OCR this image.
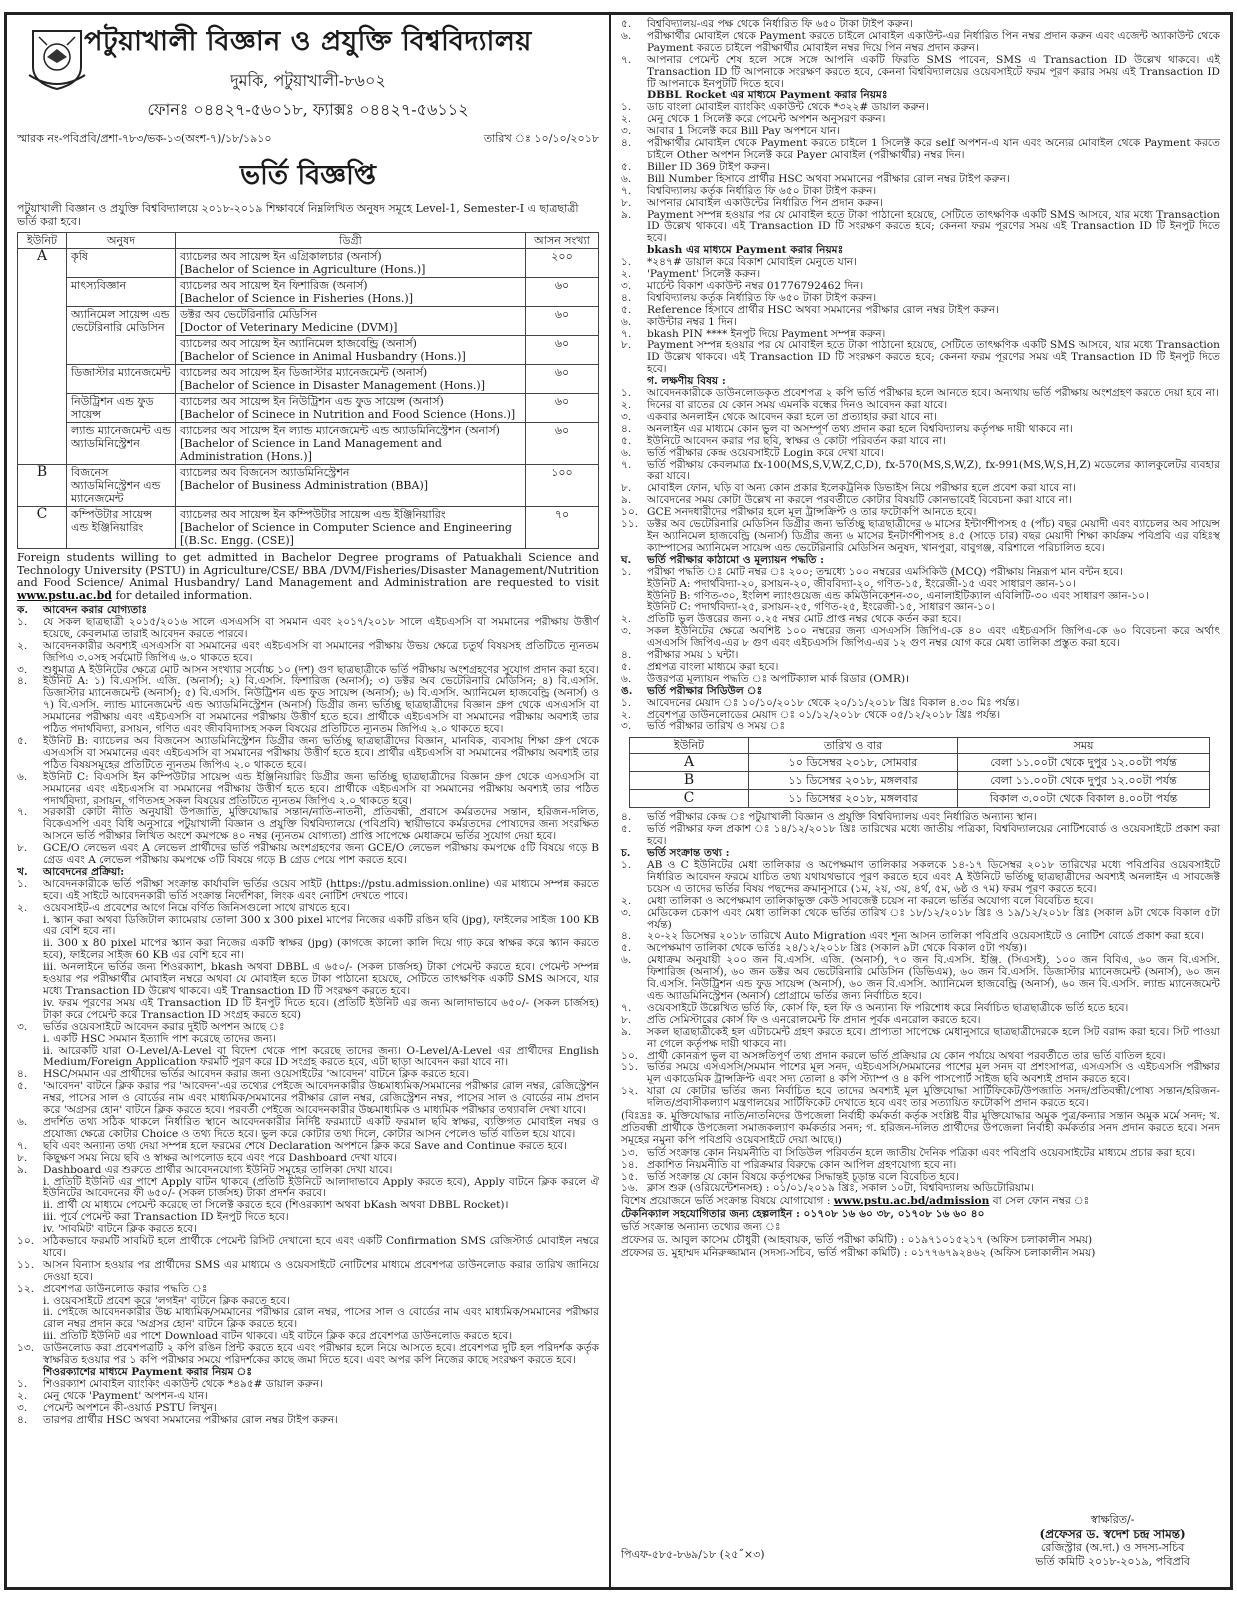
পটুয়াখালী বিজ্ঞান ও প্রযুক্তি বিশ্ববিদ্যালয়
দুমকি, পটুয়াখালী-৮৬০২
ফোনঃ ০৪৪২৭-৫৬০১৮, ফ্যাক্সঃ ০৪৪২৭-৫৬১১২
স্মারক নং-পবিপ্রবি/প্রশা-৭৮৩/ভক-১৩(অংশ-৭)/১৮/১৯১০	তারিখ ঃ ১০/১০/২০১৮
ভর্তি বিজ্ঞপ্তি

পটুয়াখালী বিজ্ঞান ও প্রযুক্তি বিশ্ববিদ্যালয়ে ২০১৮-২০১৯ শিক্ষাবর্ষে নিম্নলিখিত অনুষদ সমূহে Level-1, Semester-I এ ছাত্রছাত্রী ভর্তি করা হবে।

ইউনিট	অনুষদ	ডিগ্রী	আসন সংখ্যা
A	কৃষি	ব্যাচেলর অব সায়েন্স ইন এগ্রিকালচার (অনার্স)
[Bachelor of Science in Agriculture (Hons.)]	২০০
	মাৎস্যবিজ্ঞান	ব্যাচেলর অব সায়েন্স ইন ফিশারিজ (অনার্স)
[Bachelor of Science in Fisheries (Hons.)]	৬০
	অ্যানিমেল সায়েন্স এন্ড ভেটেরিনারি মেডিসিন	ডক্টর অব ভেটেরিনারি মেডিসিন
[Doctor of Veterinary Medicine (DVM)]	৬০

		ব্যাচেলর অব সায়েন্স ইন অ্যানিমেল হাজবেন্ড্রি (অনার্স)
[Bachelor of Science in Animal Husbandry (Hons.)]	৬০
	ডিজাস্টার ম্যানেজমেন্ট	ব্যাচেলর অব সায়েন্স ইন ডিজাস্টার ম্যানেজমেন্ট (অনার্স)
[Bachelor of Science in Disaster Management (Hons.)]	৬০
	নিউট্রিশন এন্ড ফুড সায়েন্স	ব্যাচেলর অব সায়েন্স ইন নিউট্রিশন এন্ড ফুড সায়েন্স (অনার্স)
[Bachelor of Scinece in Nutrition and Food Science (Hons.)]	৬০
	ল্যান্ড ম্যানেজমেন্ট এন্ড অ্যাডমিনিস্ট্রেশন	ব্যাচেলর অব সায়েন্স ইন ল্যান্ড ম্যানেজমেন্ট এন্ড অ্যাডমিনিস্ট্রেশন (অনার্স)
[Bachelor of Science in Land Management and Administration (Hons.)]	৬০
B	বিজনেস অ্যাডমিনিস্ট্রেশন এন্ড ম্যানেজমেন্ট	ব্যাচেলর অব বিজনেস অ্যাডমিনিস্ট্রেশন
[Bachelor of Business Administration (BBA)]	১০০
C	কম্পিউটার সায়েন্স এন্ড ইঞ্জিনিয়ারিং	ব্যাচেলর অব সায়েন্স ইন কম্পিউটার সায়েন্স এন্ড ইঞ্জিনিয়ারিং
[Bachelor of Science in Computer Science and Engineering [(B.Sc. Engg. (CSE)]	৭০

Foreign students willing to get admitted in Bachelor Degree programs of Patuakhali Science and Technology University (PSTU) in Agriculture/CSE/ BBA /DVM/Fisheries/Disaster Management/Nutrition and Food Science/ Animal Husbandry/ Land Management and Administration are requested to visit www.pstu.ac.bd for detailed information.

ক.	আবেদন করার যোগ্যতাঃ
১.	যে সকল ছাত্রছাত্রী ২০১৫/২০১৬ সালে এসএসসি বা সমমান এবং ২০১৭/২০১৮ সালে এইচএসসি বা সমমানের পরীক্ষায় উত্তীর্ণ হয়েছে, কেবলমাত্র তারাই আবেদন করতে পারবে।
২.	আবেদনকারীর অবশ্যই এসএসসি বা সমমানের এবং এইচএসসি বা সমমানের পরীক্ষায় উভয় ক্ষেত্রে চতুর্থ বিষয়সহ প্রতিটিতে ন্যূনতম জিপিএ ৩.০সহ সর্বমোট জিপিএ ৬.০ থাকতে হবে।
৩.	শুধুমাত্র A ইউনিটের ক্ষেত্রে মোট আসন সংখ্যার সর্বোচ্চ ১০ (দশ) গুণ ছাত্রছাত্রীকে ভর্তি পরীক্ষায় অংশগ্রহণের সুযোগ প্রদান করা হবে।
৪.	ইউনিট A: ১) বি.এসসি. এজি. (অনার্স); ২) বি.এসসি. ফিশারিজ (অনার্স); ৩) ডক্টর অব ভেটেরিনারি মেডিসিন; ৪) বি.এসসি. ডিজাস্টার ম্যানেজমেন্ট (অনার্স); ৫) বি.এসসি. নিউট্রিশন এন্ড ফুড সায়েন্স (অনার্স); ৬) বি.এসসি. অ্যানিমেল হাজবেন্ড্রি (অনার্স) ও ৭) বি.এসসি. ল্যান্ড ম্যানেজমেন্ট এন্ড অ্যাডমিনিস্ট্রেশন (অনার্স) ডিগ্রীর জন্য ভর্তিচ্ছু ছাত্রছাত্রীদের বিজ্ঞান গ্রুপ থেকে এসএসসি বা সমমানের পরীক্ষায় এবং এইচএসসি বা সমমানের পরীক্ষায় উত্তীর্ণ হতে হবে। প্রার্থীকে এইচএসসি বা সমমানের পরীক্ষায় অবশ্যই তার পঠিত পদার্থবিদ্যা, রসায়ন, গণিত এবং জীববিদ্যাসহ সকল বিষয়ের প্রতিটিতে ন্যূনতম জিপিএ ২.০ থাকতে হবে।
৫.	ইউনিট B: ব্যাচেলর অব বিজনেস অ্যাডমিনিস্ট্রেশন ডিগ্রীর জন্য ভর্তিচ্ছু ছাত্রছাত্রীদের বিজ্ঞান, মানবিক, ব্যবসায় শিক্ষা গ্রুপ থেকে এসএসসি বা সমমানের এবং এইচএসসি বা সমমানের পরীক্ষায় উত্তীর্ণ হতে হবে। প্রার্থীর এইচএসসি বা সমমানের পরীক্ষায় অবশ্যই তার পঠিত বিষয়সমূহের প্রতিটিতে ন্যূনতম জিপিএ ২.০ থাকতে হবে।
৬.	ইউনিট C: বিএসসি ইন কম্পিউটার সায়েন্স এন্ড ইঞ্জিনিয়ারিং ডিগ্রীর জন্য ভর্তিচ্ছু ছাত্রছাত্রীদের বিজ্ঞান গ্রুপ থেকে এসএসসি বা সমমানের এবং এইচএসসি বা সমমানের পরীক্ষায় উত্তীর্ণ হতে হবে। প্রার্থীকে এইচএসসি বা সমমানের পরীক্ষায় অবশ্যই তার পঠিত পদার্থবিদ্যা, রসায়ন, গণিতসহ সকল বিষয়ের প্রতিটিতে ন্যূনতম জিপিএ ২.০ থাকতে হবে।
৭.	সরকারী কোটা নীতি অনুযায়ী উপজাতি, মুক্তিযোদ্ধার সন্তান/নাতি-নাতনী, প্রতিবন্ধী, প্রবাসে কর্মরতদের সন্তান, হরিজন-দলিত, বিকেএসপি এবং বিধি অনুসারে পটুয়াখালী বিজ্ঞান ও প্রযুক্তি বিশ্ববিদ্যালয়ে (পবিপ্রবি) স্থায়ীভাবে কর্মরতদের পোষ্যদের জন্য সংরক্ষিত আসনে ভর্তি পরীক্ষার লিখিত অংশে কমপক্ষে ৪০ নম্বর (ন্যূনতম যোগ্যতা) প্রাপ্তি সাপেক্ষে মেধাক্রমে ভর্তির সুযোগ দেয়া হবে।
৮.	GCE/O লেভেল এবং A লেভেল প্রার্থীদের ভর্তি পরীক্ষায় অংশগ্রহণের জন্য GCE/O লেভেল পরীক্ষায় কমপক্ষে ৫টি বিষয়ে গড়ে B গ্রেড এবং A লেভেল পরীক্ষায় কমপক্ষে ৩টি বিষয়ে গড়ে B গ্রেড পেয়ে পাশ করতে হবে।
খ.	আবেদনের প্রক্রিয়া:
১.	আবেদনকারীকে ভর্তি পরীক্ষা সংক্রান্ত কার্যাবলি ভর্তির ওয়েব সাইট (https://pstu.admission.online) এর মাধ্যমে সম্পন্ন করতে হবে। এই সাইটে আবেদনকারী ভর্তি সংক্রান্ত নির্দেশিকা, লিংক এবং নোটিশ দেখতে পাবে।
২.	ওয়েবসাইট-এ প্রবেশের আগে নিম্নে বর্ণিত জিনিসগুলো সাথে রাখতে হবে।
i. স্ক্যান করা অথবা ডিজিটাল ক্যামেরায় তোলা 300 x 300 pixel মাপের নিজের একটি রঙিন ছবি (jpg), ফাইলের সাইজ 100 KB এর বেশি হবে না।
ii. 300 x 80 pixel মাপের স্ক্যান করা নিজের একটি স্বাক্ষর (jpg) (কাগজে কালো কালি দিয়ে গাঢ় করে স্বাক্ষর করে স্ক্যান করতে হবে), ফাইলের সাইজ 60 KB এর বেশি হবে না।
iii. অনলাইনে ভর্তির জন্য শিওরক্যাশ, bkash অথবা DBBL এ ৬৫০/- (সকল চার্জসহ) টাকা পেমেন্ট করতে হবে। পেমেন্ট সম্পন্ন হওয়ার পর পরীক্ষার্থীর মোবাইল নম্বরে অথবা যে মোবাইল হতে টাকা পাঠানো হয়েছে, সেটিতে তাৎক্ষণিক একটি SMS আসবে, যার মধ্যে Transaction ID উল্লেখ থাকবে। এই Transaction ID টি সংরক্ষণ করতে হবে।
iv. ফরম পূরণের সময় এই Transaction ID টি ইনপুট দিতে হবে। (প্রতিটি ইউনিট এর জন্য আলাদাভাবে ৬৫০/- (সকল চার্জসহ) টাকা করে পেমেন্ট করে Transaction ID সংগ্রহ করতে হবে)
৩.	ভর্তির ওয়েবসাইটে আবেদন করার দুইটি অপশন আছে ঃ
i. একটি HSC সমমান ইত্যাদি পাশ করেছে তাদের জন্য।
ii. আরেকটি যারা O-Level/A-Level বা বিদেশ থেকে পাশ করেছে তাদের জন্য। O-Level/A-Level এর প্রার্থীদের English Medium/Foreign Application ফরমটি পূরণ করে ID সংগ্রহ করতে হবে, এটা ছাড়া আবেদন করা যাবে না।
৪.	HSC/সমমান এর প্রার্থীদের ভর্তির আবেদন করার জন্য ওয়েসাইটের 'আবেদন' বাটনে ক্লিক করতে হবে।
৫.	'আবেদন' বাটনে ক্লিক করার পর 'আবেদন'-এর তথ্যের পেইজে আবেদনকারীর উচ্চমাধ্যমিক/সমমানের পরীক্ষার রোল নম্বর, রেজিস্ট্রেশন নম্বর, পাসের সাল ও বোর্ডের নাম এবং মাধ্যমিক/সমমানের পরীক্ষার রোল নম্বর, রেজিস্ট্রেশন নম্বর, পাসের সাল ও বোর্ডের নাম প্রদান করে 'অগ্রসর হোন' বাটনে ক্লিক করতে হবে। পরবর্তী পেইজে আবেদনকারীর উচ্চমাধ্যমিক ও মাধ্যমিক পরীক্ষার তথ্যাবলি দেখা যাবে।
৬.	প্রদর্শিত তথ্য সঠিক থাকলে নির্ধারিত স্থানে আবেদনকারীর নির্দিষ্ট ফরম্যাটে একটি ফরমাল ছবি স্বাক্ষর, ব্যক্তিগত মোবাইল নম্বর ও প্রযোজ্য ক্ষেত্রে কোটার Choice ও তথ্য দিতে হবে। ভুল করে কোটার তথ্য দিলে, কোটার আসন পেলেও ভর্তি বাতিল হয়ে যাবে।
৭.	ছবি এবং অন্যান্য তথ্য দেয়া সম্পন্ন হলে ফরমের শেষে Declaration অপশনে ক্লিক করে Save and Continue করতে হবে।
৮.	কিছুক্ষণ সময় নিয়ে ছবি ও স্বাক্ষর আপলোড হবে এবং পরে Dashboard দেখা যাবে।
৯.	Dashboard এর শুরুতে প্রার্থীর আবেদনযোগ্য ইউনিট সমূহের তালিকা দেখা যাবে।
i. প্রতিটি ইউনিট এর পাশে Apply বাটন থাকবে (প্রতিটি ইউনিটে আলাদাভাবে Apply করতে হবে), Apply বাটনে ক্লিক করলে ঐ ইউনিটের আবেদনের ফী ৬৫০/- (সকল চার্জসহ) টাকা প্রদর্শন করবে।
ii. প্রার্থী যে মাধ্যমে পেমেন্ট করেছে তা সিলেক্ট করতে হবে (শিওরক্যাশ অথবা bKash অথবা DBBL Rocket)।
iii. পূর্বে পেমেন্ট করা Transaction ID ইনপুট দিতে হবে।
iv. 'সাবমিট' বাটনে ক্লিক করতে হবে।
১০. সঠিকভাবে ফরমটি সাবমিট হলে প্রার্থীকে পেমেন্ট রিসিট দেখানো হবে এবং একটি Confirmation SMS রেজিস্টার্ড মোবাইল নম্বরে যাবে।
১১. আসন বিন্যাস হওয়ার পর প্রার্থীদের SMS এর মাধ্যমে ও ওয়েবসাইটে নোটিশের মাধ্যমে প্রবেশপত্র ডাউনলোড করার তারিখ জানিয়ে দেওয়া হবে।
১২. প্রবেশপত্র ডাউনলোড করার পদ্ধতি ঃ
i. ওয়েবসাইটে প্রবেশ করে 'লগইন' বাটনে ক্লিক করতে হবে।
ii. পেইজে আবেদনকারীর উচ্চ মাধ্যমিক/সমমানের পরীক্ষার রোল নম্বর, পাসের সাল ও বোর্ডের নাম এবং মাধ্যমিক/সমমানের পরীক্ষার রোল নম্বর প্রদান করে 'অগ্রসর হোন' বাটনে ক্লিক করতে হবে।
iii. প্রতিটি ইউনিট এর পাশে Download বাটন থাকবে। এই বাটনে ক্লিক করে প্রবেশপত্র ডাউনলোড করতে হবে।
১৩. ডাউনলোড করা প্রবেশপত্রটি ২ কপি রঙিন প্রিন্ট করতে হবে এবং পরীক্ষার হলে নিয়ে আসতে হবে। প্রবেশপত্র দুটি হল পরিদর্শক কর্তৃক স্বাক্ষরিত হওয়ার পর ১ কপি পরীক্ষার সময়ে পরিদর্শকের কাছে জমা দিতে হবে। এবং অপর কপি নিজের কাছে সংরক্ষণ করতে হবে।
শিওরক্যাশের মাধ্যমে Payment করার নিয়ম ঃ
১.	শিওরক্যাশ মোবাইল ব্যাংকিং একাউন্ট থেকে *৪৯৫# ডায়াল করুন।
২.	মেনু থেকে 'Payment' অপশন-এ যান।
৩.	পেমেন্ট অপশনে কী-ওয়ার্ড PSTU লিখুন।
৪.	তারপর প্রার্থীর HSC অথবা সমমানের পরীক্ষার রোল নম্বর টাইপ করুন।
৫.	বিশ্ববিদ্যালয়-এর পক্ষ থেকে নির্ধারিত ফি ৬৫০ টাকা টাইপ করুন।
৬.	পরীক্ষার্থীর মোবাইল থেকে Payment করতে চাইলে মোবাইল একাউন্ট-এর নির্ধারিত পিন নম্বর প্রদান করুন এবং এজেন্ট অ্যাকাউন্ট থেকে Payment করতে চাইলে পরীক্ষার্থীর মোবাইল নম্বর দিয়ে পিন নম্বর প্রদান করুন।
৭.	আপনার পেমেন্ট শেষ হলে সঙ্গে সঙ্গে আপনি একটি ফিরতি SMS পাবেন, SMS এ Transaction ID উল্লেখ থাকবে। এই Transaction ID টি আপনাকে সংরক্ষণ করতে হবে, কেননা বিশ্ববিদ্যালয়ের ওয়েবসাইটে ফরম পূরণ করার সময় এই Transaction ID টি আপনাকে ইনপুটটি দিতে হবে।
DBBL Rocket এর মাধ্যমে Payment করার নিয়মঃ
১.	ডাচ বাংলা মোবাইল ব্যাংকিং একাউন্ট থেকে *৩২২# ডায়াল করুন।
২.	মেনু থেকে 1 সিলেক্ট করে পেমেন্ট অপশন অনুসরণ করুন।
৩.	আবার 1 সিলেক্ট করে Bill Pay অপশনে যান।
৪.	পরীক্ষার্থীর মোবাইল থেকে Payment করতে চাইলে 1 সিলেক্ট করে self অপশন-এ যান এবং অন্যের মোবাইল থেকে Payment করতে চাইলে Other অপশন সিলেক্ট করে Payer মোবাইল (পরীক্ষার্থীর) নম্বর দিন।
৫.	Biller ID 369 টাইপ করুন।
৬.	Bill Number হিসাবে প্রার্থীর HSC অথবা সমমানের পরীক্ষার রোল নম্বর টাইপ করুন।
৭.	বিশ্ববিদ্যালয় কর্তৃক নির্ধারিত ফি ৬৫০ টাকা টাইপ করুন।
৮.	আপনার মোবাইল একাউন্টের নির্ধারিত পিন প্রদান করুন।
৯.	Payment সম্পন্ন হওয়ার পর যে মোবাইল হতে টাকা পাঠানো হয়েছে, সেটিতে তাৎক্ষণিক একটি SMS আসবে, যার মধ্যে Transaction ID উল্লেখ থাকবে। এই Transaction ID টি সংরক্ষণ করতে হবে; কেননা ফরম পূরণের সময় এই Transaction ID টি ইনপুট দিতে হবে।
bkash এর মাধ্যমে Payment করার নিয়মঃ
১.	*২৪৭# ডায়াল করে বিকাশ মোবাইল মেনুতে যান।
২.	'Payment' সিলেক্ট করুন।
৩.	মার্চেন্ট বিকাশ একাউন্ট নম্বর 01776792462 দিন।
৪.	বিশ্ববিদ্যালয় কর্তৃক নির্ধারিত ফি ৬৫০ টাকা টাইপ করুন।
৫.	Reference হিসাবে প্রার্থীর HSC অথবা সমমানের পরীক্ষার রোল নম্বর টাইপ করুন।
৬.	কাউন্টার নম্বর 1 দিন।
৭.	bkash PIN **** ইনপুট দিয়ে Payment সম্পন্ন করুন।
৮.	Payment সম্পন্ন হওয়ার পর যে মোবাইল হতে টাকা পাঠানো হয়েছে, সেটিতে তাৎক্ষণিক একটি SMS আসবে, যার মধ্যে Transaction ID উল্লেখ থাকবে। এই Transaction ID টি সংরক্ষণ করতে হবে; কেননা ফরম পূরণের সময় এই Transaction ID টি ইনপুট দিতে হবে।
গ. লক্ষণীয় বিষয় :
১.	আবেদনকারীকে ডাউনলোডকৃত প্রবেশপত্র ২ কপি ভর্তি পরীক্ষার হলে আনতে হবে। অন্যথায় ভর্তি পরীক্ষায় অংশগ্রহণ করতে দেয়া হবে না।
২.	দিনের বা রাতের যে কোন সময় এমনকি বন্ধের দিনও আবেদন করা যাবে।
৩.	একবার অনলাইন থেকে আবেদন করা হলে তা প্রত্যাহার করা যাবে না।
৪.	অনলাইন এর মাধ্যমে কোন ভুল বা অসম্পূর্ণ তথ্য প্রদান করা হলে বিশ্ববিদ্যালয় কর্তৃপক্ষ দায়ী থাকবে না।
৫.	ইউনিটে আবেদন করার পর ছবি, স্বাক্ষর ও কোটা পরিবর্তন করা যাবে না।
৬.	ভর্তি পরীক্ষার কেন্দ্র ওয়েবসাইটে Login করে দেখা যাবে।
৭.	ভর্তি পরীক্ষায় কেবলমাত্র fx-100(MS,S,V,W,Z,C,D), fx-570(MS,S,W,Z), fx-991(MS,W,S,H,Z) মডেলের ক্যালকুলেটর ব্যবহার করা যাবে।
৮.	মোবাইল ফোন, ঘড়ি বা অন্য কোন প্রকার ইলেকট্রনিক ডিভাইস নিয়ে পরীক্ষার হলে প্রবেশ করা যাবে না।
৯.	আবেদনের সময় কোটা উল্লেখ না করলে পরবর্তীতে কোটার বিষয়টি কোনভাবেই বিবেচনা করা যাবে না।
১০. GCE সনদধারীদের পরীক্ষার হলে মূল ট্রান্সক্রিপ্ট ও তার ফটোকপি আনতে হবে।
১১. ডক্টর অব ভেটেরিনারি মেডিসিন ডিগ্রীর জন্য ভর্তিচ্ছু ছাত্রছাত্রীদের ৬ মাসের ইন্টার্ণশীপসহ ৫ (পাঁচ) বছর মেয়াদী এবং ব্যাচেলর অব সায়েন্স ইন অ্যানিমেল হাজবেন্ড্রি (অনার্স) ডিগ্রীর জন্য ৬ মাসের ইনটার্ণশীপসহ ৪.৫ (সাড়ে চার) বছর মেয়াদী শিক্ষা কার্যক্রম পবিপ্রবি এর বহিঃস্থ ক্যাম্পাসের অ্যানিমেল সায়েন্স এন্ড ভেটেরিনারি মেডিসিন অনুষদ, খানপুরা, বাবুগঞ্জ, বরিশালে পরিচালিত হবে।
ঘ.	ভর্তি পরীক্ষার কাঠামো ও মূল্যায়ন পদ্ধতি :
১.	পরীক্ষা পদ্ধতি ঃ মোট নম্বর ঃ ২০০; তন্মধ্যে ১০০ নম্বরের এমসিকিউ (MCQ) পরীক্ষায় নিম্নরূপ মান বন্টন হবে।
ইউনিট A: পদার্থবিদ্যা-২০, রসায়ন-২০, জীববিদ্যা-২০, গণিত-১৫, ইংরেজী-১৫ এবং সাধারণ জ্ঞান-১০।
ইউনিট B: গণিত-৩০, ইংলিশ ল্যাংগুয়েজ এন্ড কমিউনিকেশন-৩০, এনালাইটিক্যাল এবিলিটি-৩০ এবং সাধারণ জ্ঞান-১০।
ইউনিট C: পদার্থবিদ্যা-২৫, রসায়ন-২৫, গণিত-২৫, ইংরেজী-১৫, সাধারণ জ্ঞান-১০।
২.	প্রতিটি ভুল উত্তরের জন্য ০.২৫ নম্বর মোট প্রাপ্ত নম্বর থেকে কর্তন করা হবে।
৩.	সকল ইউনিটের ক্ষেত্রে অবশিষ্ট ১০০ নম্বরের জন্য এসএসসি জিপিএ-কে ৪০ এবং এইচএসসি জিপিএ-কে ৬০ বিবেচনা করে অর্থাৎ এসএসসি জিপিএ-এর ৮ গুণ এবং এইচএসসি জিপিএ-এর ১২ গুণ নম্বর যোগ করে মেধা তালিকা প্রস্তুত করা হবে।
৪.	পরীক্ষার সময় ১ ঘন্টা।
৫.	প্রশ্নপত্র বাংলা মাধ্যমে করা হবে।
৬.	উত্তরপত্র মূল্যায়ন পদ্ধতি ঃ অপটিক্যাল মার্ক রিডার (OMR)।
ঙ.	ভর্তি পরীক্ষার সিডিউল ঃ
১.	আবেদনের মেয়াদ ঃ ১০/১০/২০১৮ থেকে ২০/১১/২০১৮ খ্রিঃ বিকাল ৪.৩০ মিঃ পর্যন্ত।
২.	প্রবেশপত্র ডাউনলোডের মেয়াদ ঃ ০১/১২/২০১৮ থেকে ০৫/১২/২০১৮ খ্রিঃ পর্যন্ত।
৩.	ভর্তি পরীক্ষার তারিখ ও সময় ঃ
ইউনিট	তারিখ ও বার	সময়
A	১০ ডিসেম্বর ২০১৮, সোমবার	বেলা ১১.০০টা থেকে দুপুর ১২.০০টা পর্যন্ত
B	১১ ডিসেম্বর ২০১৮, মঙ্গলবার	বেলা ১১.০০টা থেকে দুপুর ১২.০০টা পর্যন্ত
C	১১ ডিসেম্বর ২০১৮, মঙ্গলবার	বিকাল ৩.০০টা থেকে বিকাল ৪.০০টা পর্যন্ত
৪.	ভর্তি পরীক্ষার কেন্দ্র ঃ পটুয়াখালী বিজ্ঞান ও প্রযুক্তি বিশ্ববিদ্যালয় এবং নির্ধারিত অন্যান্য স্থান।
৫.	ভর্তি পরীক্ষার ফল প্রকাশ ঃ ১৪/১২/২০১৮ খ্রিঃ তারিখের মধ্যে জাতীয় পত্রিকা, বিশ্ববিদ্যালয়ের নোটিশবোর্ড ও ওয়েবসাইটে প্রকাশ করা হবে।
চ.	ভর্তি সংক্রান্ত তথ্য :
১.	AB ও C ইউনিটের মেধা তালিকার ও অপেক্ষমাণ তালিকার সকলকে ১৪-১৭ ডিসেম্বর ২০১৮ তারিখের মধ্যে পবিপ্রবির ওয়েবসাইটে নির্ধারিত আবেদন ফরমে যাচিত তথ্য যথাযথভাবে পূরণ করতে হবে এবং A ইউনিটে ভর্তিচ্ছু ছাত্রছাত্রীদের অবশ্যই অনলাইন এ সাবজেক্ট চয়েস এ তাদের ভর্তির বিষয় পছন্দের ক্রমানুসারে (১ম, ২য়, ৩য়, ৪র্থ, ৫ম, ৬ষ্ঠ ও ৭ম) ফরম পূরণ করতে হবে।
২.	মেধা তালিকা ও অপেক্ষমাণ তালিকাভুক্ত কেউ সাবজেক্ট চয়েস না করলে ভর্তির অযোগ্য বলে বিবেচিত হবে।
৩.	মেডিকেল চেকাপ এবং মেধা তালিকা থেকে ভর্তির তারিখ ঃ ১৮/১২/২০১৮ খ্রিঃ ও ১৯/১২/২০১৮ খ্রিঃ (সকাল ৯টা থেকে বিকাল ৫টা পর্যন্ত)
৪.	২০-২২ ডিসেম্বর ২০১৮ তারিখে Auto Migration এবং শূন্য আসন তালিকা পবিপ্রবি ওয়েবসাইটে ও নোটিশ বোর্ডে প্রকাশ করা হবে।
৫.	অপেক্ষমাণ তালিকা থেকে ভর্তিঃ ২৪/১২/২০১৮ খ্রিঃ (সকাল ৯টা থেকে বিকাল ৫টা পর্যন্ত)।
৬.	মেধাক্রম অনুযায়ী ২০০ জন বি.এসসি. এজি. (অনার্স), ৭০ জন বি.এসসি. ইঞ্জি. (সিএসই), ১০০ জন বিবিএ, ৬০ জন বি.এসসি. ফিশারিজ (অনার্স), ৬০ জন ডক্টর অব ভেটেরিনারি মেডিসিন (ডিভিএম), ৬০ জন বি.এসসি. ডিজাস্টার ম্যানেজমেন্ট (অনার্স), ৬০ জন বি.এসসি. নিউট্রিশন এন্ড ফুড সায়েন্স (অনার্স), ৬০ জন বি.এসসি. অ্যানিমেল হাজবেন্ড্রি (অনার্স), ৬০ জন বি.এসসি. ল্যান্ড ম্যানেজমেন্ট এন্ড অ্যাডমিনিস্ট্রেশন (অনার্স) প্রোগ্রামে ভর্তির জন্য নির্বাচিত হবে।
৭.	ওয়েবসাইটে উল্লেখিত ভর্তি ফি, কোর্স ফি, হল ফি ও অন্যান্য ফি পরিশোধ করে নির্বাচিত ছাত্রছাত্রীকে ভর্তি হতে হবে।
৮.	প্রতি সেমিস্টারের কোর্স ফি ও এনরোলমেন্ট ফি প্রদান পূর্বক এনরোল করতে হবে।
৯.	সকল ছাত্রছাত্রীকেই হল এটাচমেন্ট গ্রহণ করতে হবে। প্রাপ্যতা সাপেক্ষে মেধানুসারে ছাত্রছাত্রীদেরকে হলে সিট বরাদ্দ করা হবে। সিট পাওয়া না গেলে কর্তৃপক্ষ দায়ী থাকবে না।
১০. প্রার্থী কোনরূপ ভুল বা অসঙ্গতিপূর্ণ তথ্য প্রদান করলে ভর্তি প্রক্রিয়ার যে কোন পর্যায়ে অথবা পরবর্তীতে তার ভর্তি বাতিল হবে।
১১. ভর্তির সময়ে এসএসসি/সমমান পাশের মূল সনদ, এইচএসসি/সমমানের পাশের মূল সনদ বা প্রশংসাপত্র, এসএসসি ও এইচএসসি পরীক্ষার মূল একাডেমিক ট্রান্সক্রিপ্ট এবং সদ্য তোলা ৪ কপি স্ট্যাম্প ও ৪ কপি পাসপোর্ট সাইজ ছবি অবশ্যই প্রদান করতে হবে।
১২. যারা যে কোটার ভর্তির জন্য নির্বাচিত হবে তাদের অবশ্যই মূল মুক্তিযোদ্ধা সার্টিফিকেট/উপজাতি সনদ/প্রতিবন্ধী/পোষ্য সন্তান/হরিজন-দলিত/প্রবাসীকল্যাণ মন্ত্রণালয়ের সার্টিফিকেট দেখাতে হবে এবং তার সত্যায়িত ফটোকপি প্রদান করতে হবে।

(বিঃদ্রঃ ক. মুক্তিযোদ্ধার নাতি/নাতনিদের উপজেলা নির্বাহী কর্মকর্তা কর্তৃক সংশ্লিষ্ট বীর মুক্তিযোদ্ধার অমুক পুত্র/কন্যার সন্তান অমুক মর্মে সনদ; খ. প্রতিবন্ধী প্রার্থীকে উপজেলা সমাজকল্যাণ কর্মকর্তার সনদ; গ. হরিজন-দলিত প্রার্থীদের উপজেলা নির্বাহী কর্মকর্তার সনদ প্রদান করতে হবে। সনদ সমূহের নমুনা কপি পবিপ্রবি ওয়েবসাইটে দেয়া আছে।)

১৩. ভর্তি সংক্রান্ত কোন নিয়মনীতি বা সিডিউল পরিবর্তন হলে জাতীয় দৈনিক পত্রিকা এবং পবিপ্রবি ওয়েবসাইটের মাধ্যমে প্রচার করা হবে।
১৪. প্রকাশিত নিয়মনীতি বা পরিক্রমার বিরুদ্ধে কোন আপিল গ্রহণযোগ্য হবে না।
১৫. ভর্তি সংক্রান্ত যে কোন বিষয়ে কর্তৃপক্ষের সিদ্ধান্তই চূড়ান্ত বলে বিবেচিত হবে।
১৬. ক্লাস শুরু (ওরিয়েন্টেশনসহ) : ০১/০১/২০১৯ খ্রিঃ, সকাল ১০টা, বিশ্ববিদ্যালয় অডিটোরিয়াম।
বিশেষ প্রয়োজনে ভর্তি সংক্রান্ত বিষয়ে যোগাযোগ : www.pstu.ac.bd/admission বা সেল ফোন নম্বর ঃ
টেকনিক্যাল সহযোগিতার জন্য হেল্পলাইন : ০১৭০৮ ১৬ ৬০ ৩৮, ০১৭০৮ ১৬ ৬০ ৪০
ভর্তি সংক্রান্ত অন্যান্য তথ্যের জন্য ঃ
প্রফেসর ড. আবুল কাসেম চৌধুরী (আহবায়ক, ভর্তি পরীক্ষা কমিটি) : ০১৯৭১০১৫২১৭ (অফিস চলাকালীন সময়)
প্রফেসর ড. মুহাম্মদ মনিরুজ্জামান (সদস্য-সচিব, ভর্তি পরীক্ষা কমিটি) : ০১৭৭৬৭৯২৪৬২ (অফিস চলাকালীন সময়)
পিএফ-৫৮৫-৮৬৯/১৮ (২৫˝×৩)
স্বাক্ষরিত/-
(প্রফেসর ড. স্বদেশ চন্দ্র সামন্ত)
রেজিস্ট্রার (অ.দা.) ও সদস্য-সচিব
ভর্তি কমিটি ২০১৮-২০১৯, পবিপ্রবি
